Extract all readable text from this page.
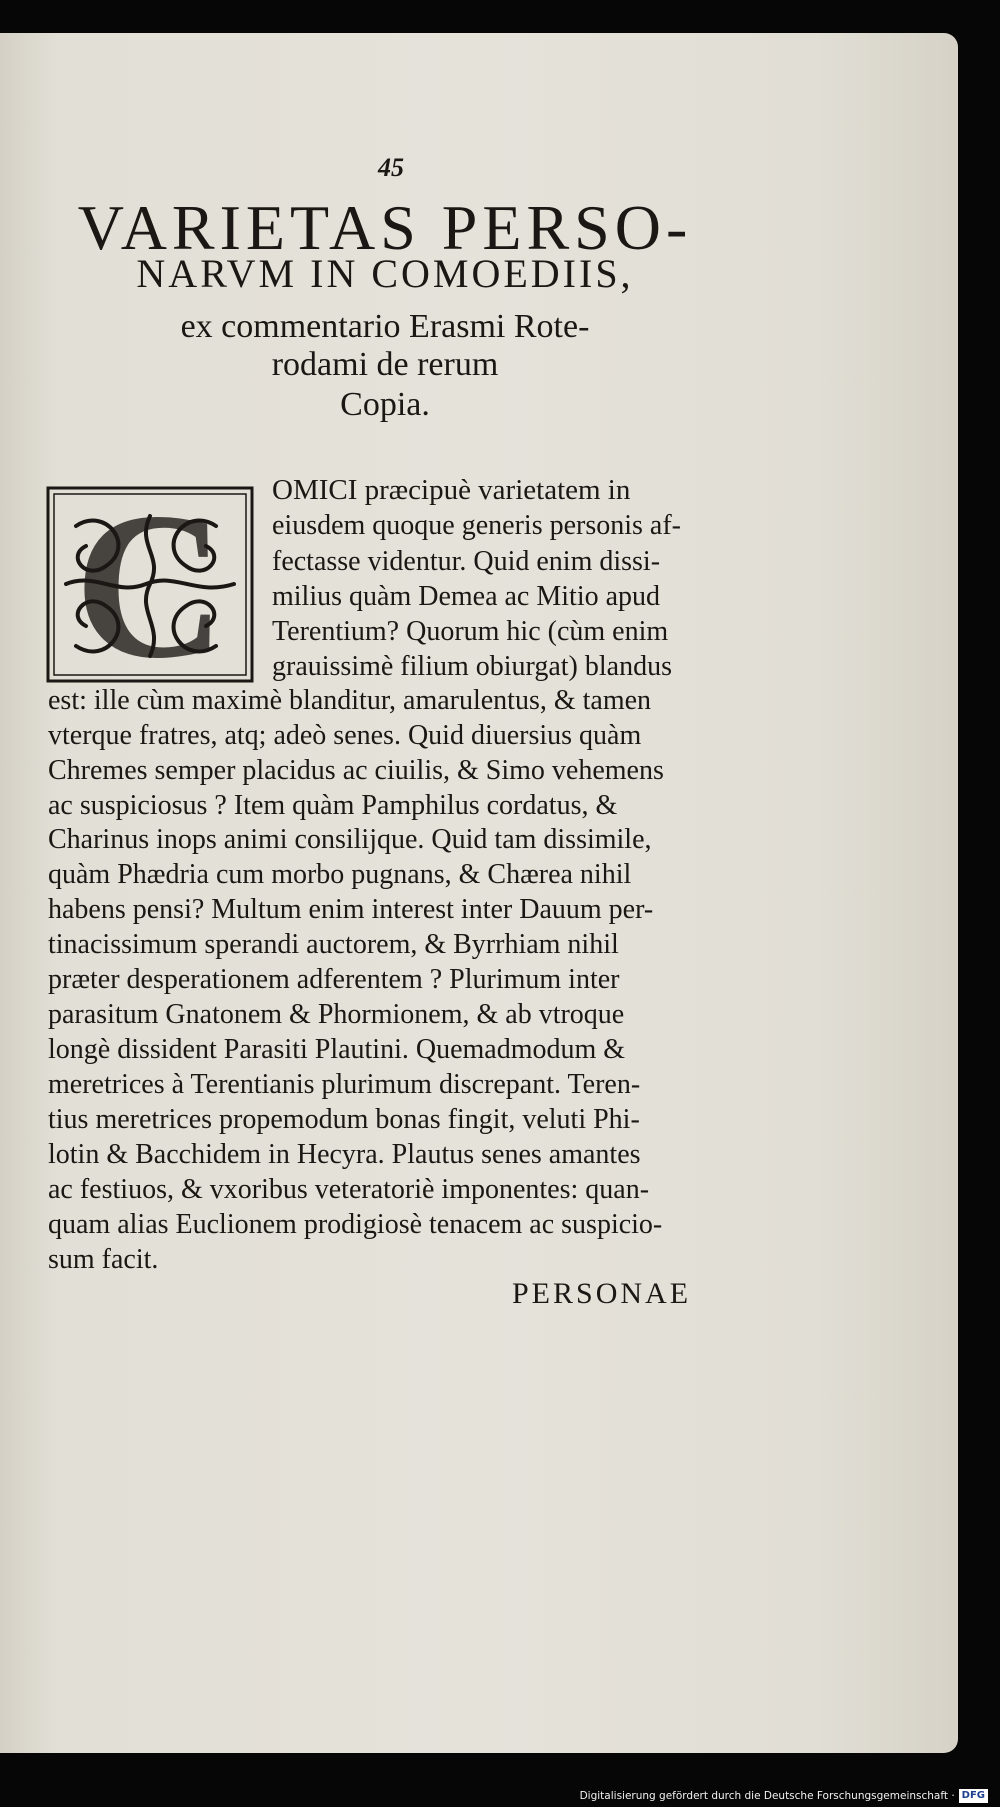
45
VARIETAS PERSO-
NARVM IN COMOEDIIS,
ex commentario Erasmi Rote-
rodami de rerum
Copia.
C OMICI præcipuè varietatem in
eiusdem quoque generis personis af-
fectasse videntur. Quid enim dissi-
milius quàm Demea ac Mitio apud
Terentium? Quorum hic (cùm enim
grauissimè filium obiurgat) blandus
est: ille cùm maximè blanditur, amarulentus, & tamen
vterque fratres, atq; adeò senes. Quid diuersius quàm
Chremes semper placidus ac ciuilis, & Simo vehemens
ac suspiciosus ? Item quàm Pamphilus cordatus, &
Charinus inops animi consilijque. Quid tam dissimile,
quàm Phædria cum morbo pugnans, & Chærea nihil
habens pensi? Multum enim interest inter Dauum per-
tinacissimum sperandi auctorem, & Byrrhiam nihil
præter desperationem adferentem ? Plurimum inter
parasitum Gnatonem & Phormionem, & ab vtroque
longè dissident Parasiti Plautini. Quemadmodum &
meretrices à Terentianis plurimum discrepant. Teren-
tius meretrices propemodum bonas fingit, veluti Phi-
lotin & Bacchidem in Hecyra. Plautus senes amantes
ac festiuos, & vxoribus veteratoriè imponentes: quan-
quam alias Euclionem prodigiosè tenacem ac suspicio-
sum facit.
PERSONAE
Digitalisierung gefördert durch die Deutsche Forschungsgemeinschaft · DFG
